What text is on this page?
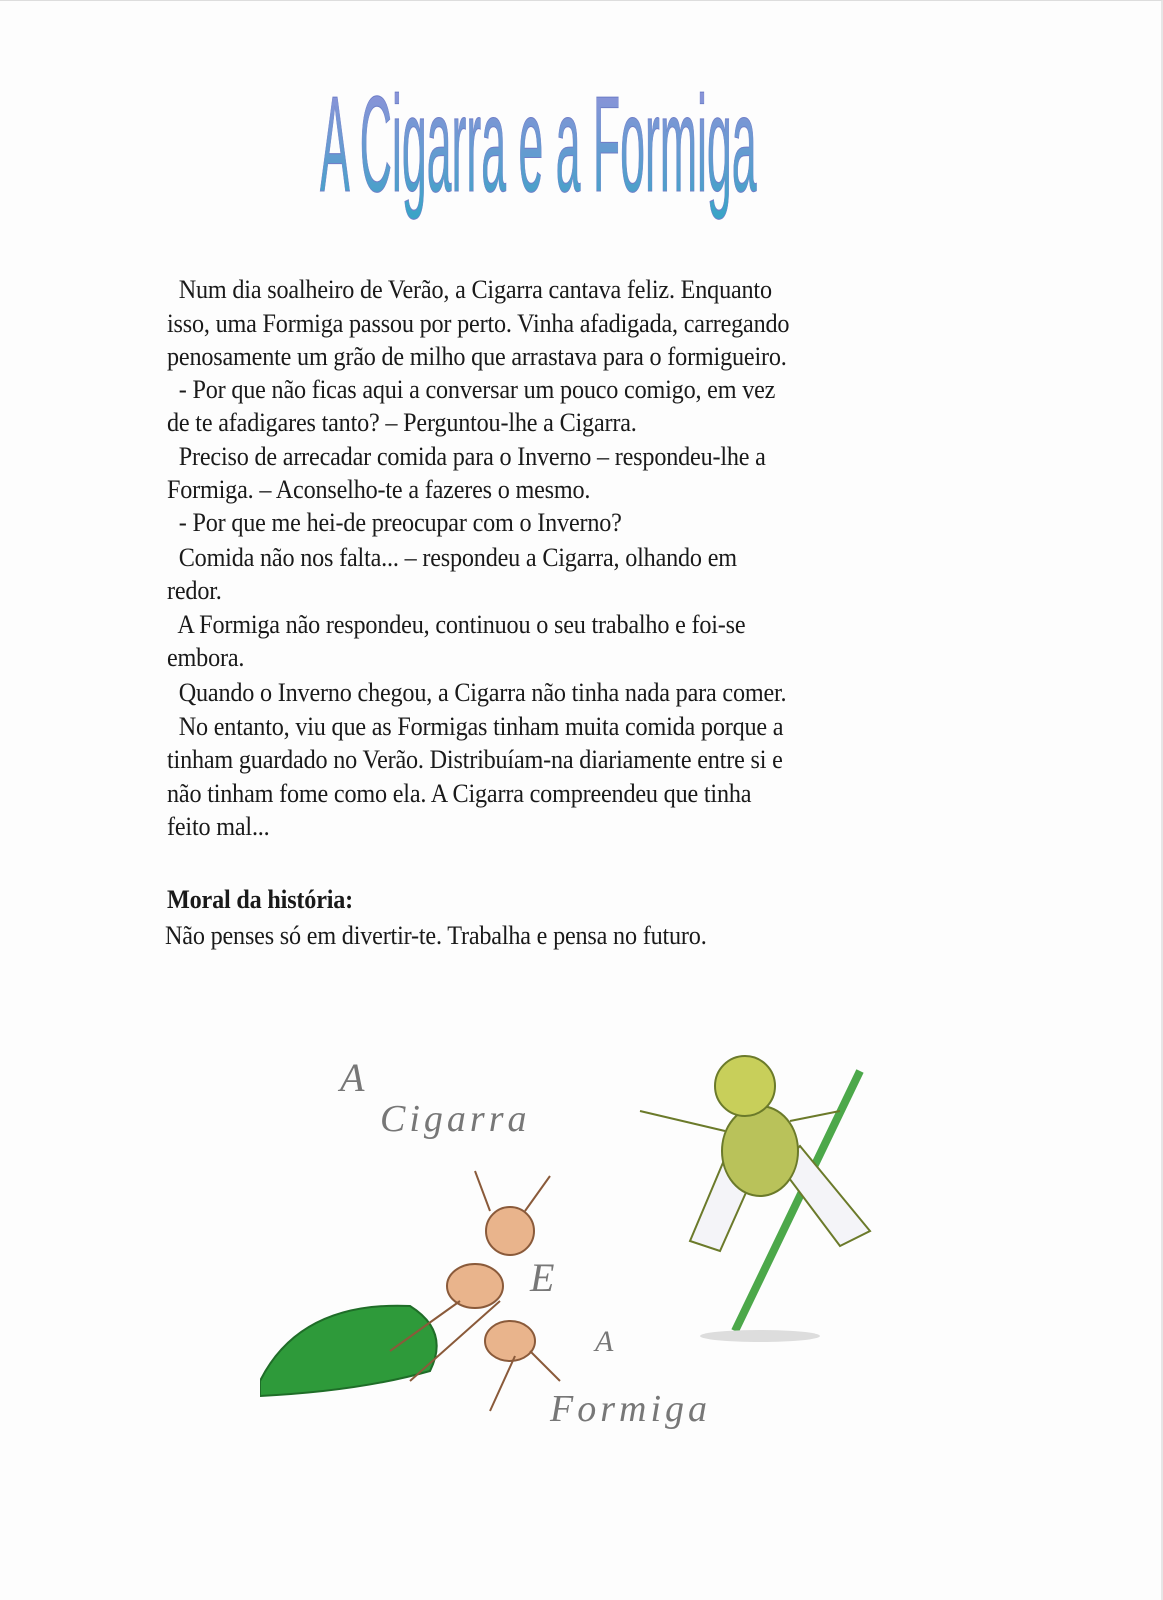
A Cigarra e a Formiga
Num dia soalheiro de Verão, a Cigarra cantava feliz. Enquanto
isso, uma Formiga passou por perto. Vinha afadigada, carregando
penosamente um grão de milho que arrastava para o formigueiro.
- Por que não ficas aqui a conversar um pouco comigo, em vez
de te afadigares tanto? – Perguntou-lhe a Cigarra.
Preciso de arrecadar comida para o Inverno – respondeu-lhe a
Formiga. – Aconselho-te a fazeres o mesmo.
- Por que me hei-de preocupar com o Inverno?
Comida não nos falta... – respondeu a Cigarra, olhando em
redor.
A Formiga não respondeu, continuou o seu trabalho e foi-se
embora.
Quando o Inverno chegou, a Cigarra não tinha nada para comer.
No entanto, viu que as Formigas tinham muita comida porque a
tinham guardado no Verão. Distribuíam-na diariamente entre si e
não tinham fome como ela. A Cigarra compreendeu que tinha
feito mal...
Moral da história:
Não penses só em divertir-te. Trabalha e pensa no futuro.
A
Cigarra
E
A
Formiga
